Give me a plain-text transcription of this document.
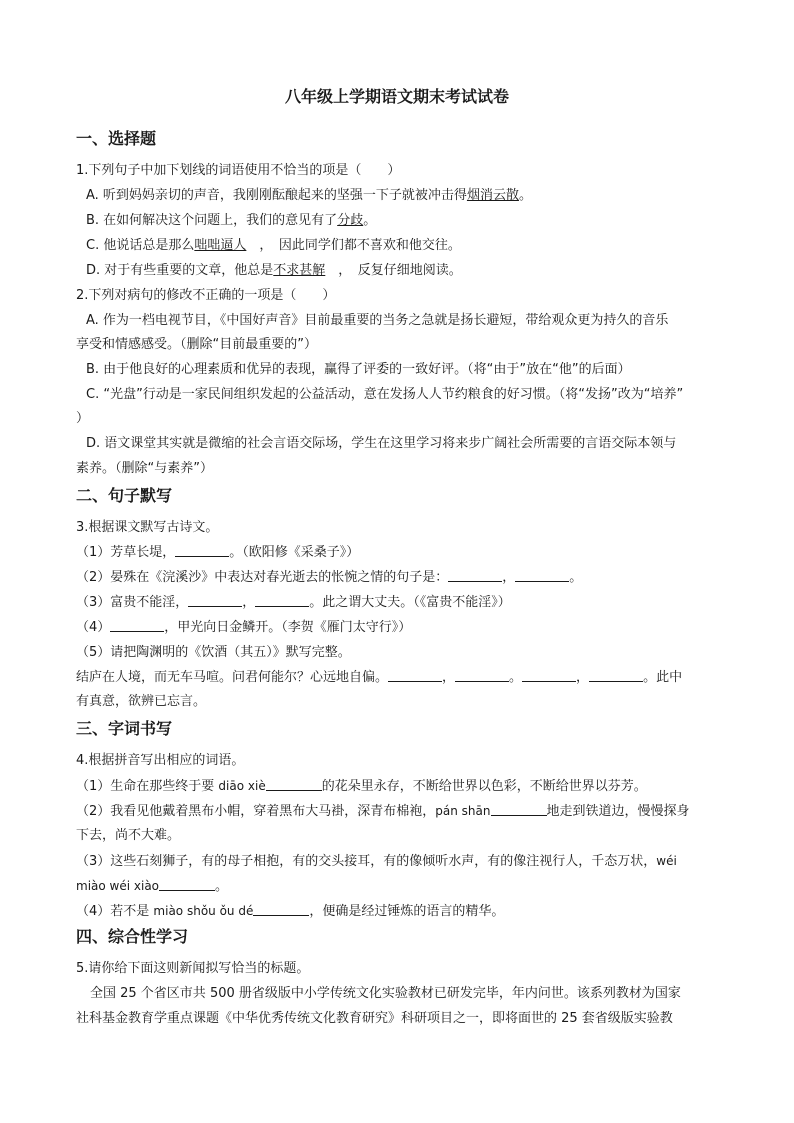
八年级上学期语文期末考试试卷
一、选择题
1.下列句子中加下划线的词语使用不恰当的项是（　　）
A. 听到妈妈亲切的声音，我刚刚酝酿起来的坚强一下子就被冲击得烟消云散。
B. 在如何解决这个问题上，我们的意见有了分歧。
C. 他说话总是那么咄咄逼人　，　因此同学们都不喜欢和他交往。
D. 对于有些重要的文章，他总是不求甚解　，　反复仔细地阅读。
2.下列对病句的修改不正确的一项是（　　）
A. 作为一档电视节目，《中国好声音》目前最重要的当务之急就是扬长避短，带给观众更为持久的音乐
享受和情感感受。（删除“目前最重要的”）
B. 由于他良好的心理素质和优异的表现，赢得了评委的一致好评。（将“由于”放在“他”的后面）
C. “光盘”行动是一家民间组织发起的公益活动，意在发扬人人节约粮食的好习惯。（将“发扬”改为“培养”
）
D. 语文课堂其实就是微缩的社会言语交际场，学生在这里学习将来步广阔社会所需要的言语交际本领与
素养。（删除“与素养”）
二、句子默写
3.根据课文默写古诗文。
（1）芳草长堤，	。（欧阳修《采桑子》）
（2）晏殊在《浣溪沙》中表达对春光逝去的怅惋之情的句子是：	，	。
（3）富贵不能淫，	，	。此之谓大丈夫。（《富贵不能淫》）
（4）	，甲光向日金鳞开。（李贺《雁门太守行》）
（5）请把陶渊明的《饮酒（其五）》默写完整。
结庐在人境，而无车马喧。问君何能尔？心远地自偏。	，	。	，	。此中
有真意，欲辨已忘言。
三、字词书写
4.根据拼音写出相应的词语。
（1）生命在那些终于要 diāo xiè	的花朵里永存，不断给世界以色彩，不断给世界以芬芳。
（2）我看见他戴着黑布小帽，穿着黑布大马褂，深青布棉袍，pán shān	地走到铁道边，慢慢探身
下去，尚不大难。
（3）这些石刻狮子，有的母子相抱，有的交头接耳，有的像倾听水声，有的像注视行人，千态万状，wéi
miào wéi xiào	。
（4）若不是 miào shǒu ǒu dé	，便确是经过锤炼的语言的精华。
四、综合性学习
5.请你给下面这则新闻拟写恰当的标题。
全国 25 个省区市共 500 册省级版中小学传统文化实验教材已研发完毕，年内问世。该系列教材为国家
社科基金教育学重点课题《中华优秀传统文化教育研究》科研项目之一，即将面世的 25 套省级版实验教
